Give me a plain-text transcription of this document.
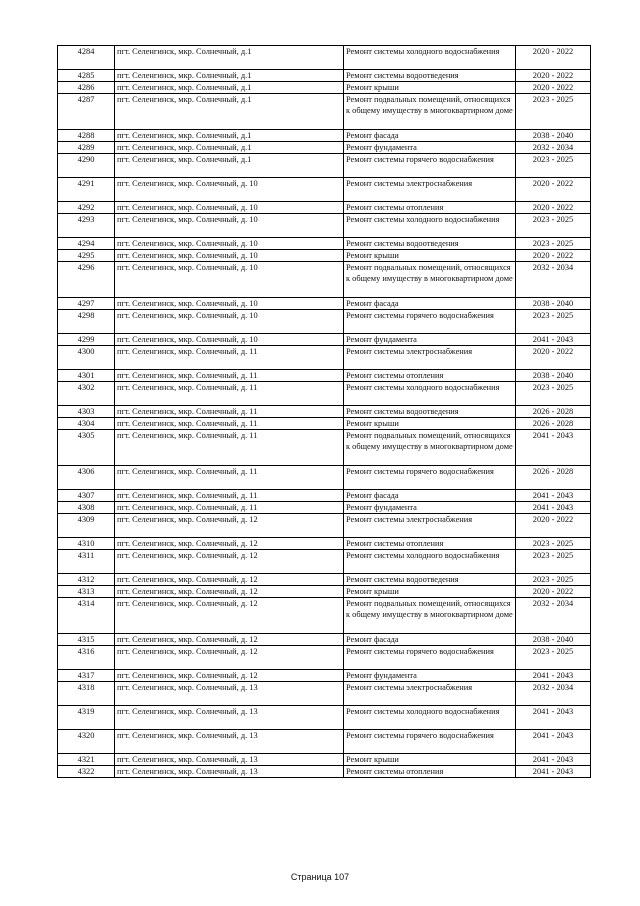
4284	пгт. Селенгинск, мкр. Солнечный, д.1	Ремонт системы холодного водоснабжения	2020 - 2022
4285	пгт. Селенгинск, мкр. Солнечный, д.1	Ремонт системы водоотведения	2020 - 2022
4286	пгт. Селенгинск, мкр. Солнечный, д.1	Ремонт крыши	2020 - 2022
4287	пгт. Селенгинск, мкр. Солнечный, д.1	Ремонт подвальных помещений, относящихся к общему имуществу в многоквартирном доме	2023 - 2025
4288	пгт. Селенгинск, мкр. Солнечный, д.1	Ремонт фасада	2038 - 2040
4289	пгт. Селенгинск, мкр. Солнечный, д.1	Ремонт фундамента	2032 - 2034
4290	пгт. Селенгинск, мкр. Солнечный, д.1	Ремонт системы горячего водоснабжения	2023 - 2025
4291	пгт. Селенгинск, мкр. Солнечный, д. 10	Ремонт системы электроснабжения	2020 - 2022
4292	пгт. Селенгинск, мкр. Солнечный, д. 10	Ремонт системы отопления	2020 - 2022
4293	пгт. Селенгинск, мкр. Солнечный, д. 10	Ремонт системы холодного водоснабжения	2023 - 2025
4294	пгт. Селенгинск, мкр. Солнечный, д. 10	Ремонт системы водоотведения	2023 - 2025
4295	пгт. Селенгинск, мкр. Солнечный, д. 10	Ремонт крыши	2020 - 2022
4296	пгт. Селенгинск, мкр. Солнечный, д. 10	Ремонт подвальных помещений, относящихся к общему имуществу в многоквартирном доме	2032 - 2034
4297	пгт. Селенгинск, мкр. Солнечный, д. 10	Ремонт фасада	2038 - 2040
4298	пгт. Селенгинск, мкр. Солнечный, д. 10	Ремонт системы горячего водоснабжения	2023 - 2025
4299	пгт. Селенгинск, мкр. Солнечный, д. 10	Ремонт фундамента	2041 - 2043
4300	пгт. Селенгинск, мкр. Солнечный, д. 11	Ремонт системы электроснабжения	2020 - 2022
4301	пгт. Селенгинск, мкр. Солнечный, д. 11	Ремонт системы отопления	2038 - 2040
4302	пгт. Селенгинск, мкр. Солнечный, д. 11	Ремонт системы холодного водоснабжения	2023 - 2025
4303	пгт. Селенгинск, мкр. Солнечный, д. 11	Ремонт системы водоотведения	2026 - 2028
4304	пгт. Селенгинск, мкр. Солнечный, д. 11	Ремонт крыши	2026 - 2028
4305	пгт. Селенгинск, мкр. Солнечный, д. 11	Ремонт подвальных помещений, относящихся к общему имуществу в многоквартирном доме	2041 - 2043
4306	пгт. Селенгинск, мкр. Солнечный, д. 11	Ремонт системы горячего водоснабжения	2026 - 2028
4307	пгт. Селенгинск, мкр. Солнечный, д. 11	Ремонт фасада	2041 - 2043
4308	пгт. Селенгинск, мкр. Солнечный, д. 11	Ремонт фундамента	2041 - 2043
4309	пгт. Селенгинск, мкр. Солнечный, д. 12	Ремонт системы электроснабжения	2020 - 2022
4310	пгт. Селенгинск, мкр. Солнечный, д. 12	Ремонт системы отопления	2023 - 2025
4311	пгт. Селенгинск, мкр. Солнечный, д. 12	Ремонт системы холодного водоснабжения	2023 - 2025
4312	пгт. Селенгинск, мкр. Солнечный, д. 12	Ремонт системы водоотведения	2023 - 2025
4313	пгт. Селенгинск, мкр. Солнечный, д. 12	Ремонт крыши	2020 - 2022
4314	пгт. Селенгинск, мкр. Солнечный, д. 12	Ремонт подвальных помещений, относящихся к общему имуществу в многоквартирном доме	2032 - 2034
4315	пгт. Селенгинск, мкр. Солнечный, д. 12	Ремонт фасада	2038 - 2040
4316	пгт. Селенгинск, мкр. Солнечный, д. 12	Ремонт системы горячего водоснабжения	2023 - 2025
4317	пгт. Селенгинск, мкр. Солнечный, д. 12	Ремонт фундамента	2041 - 2043
4318	пгт. Селенгинск, мкр. Солнечный, д. 13	Ремонт системы электроснабжения	2032 - 2034
4319	пгт. Селенгинск, мкр. Солнечный, д. 13	Ремонт системы холодного водоснабжения	2041 - 2043
4320	пгт. Селенгинск, мкр. Солнечный, д. 13	Ремонт системы горячего водоснабжения	2041 - 2043
4321	пгт. Селенгинск, мкр. Солнечный, д. 13	Ремонт крыши	2041 - 2043
4322	пгт. Селенгинск, мкр. Солнечный, д. 13	Ремонт системы отопления	2041 - 2043
Страница 107
